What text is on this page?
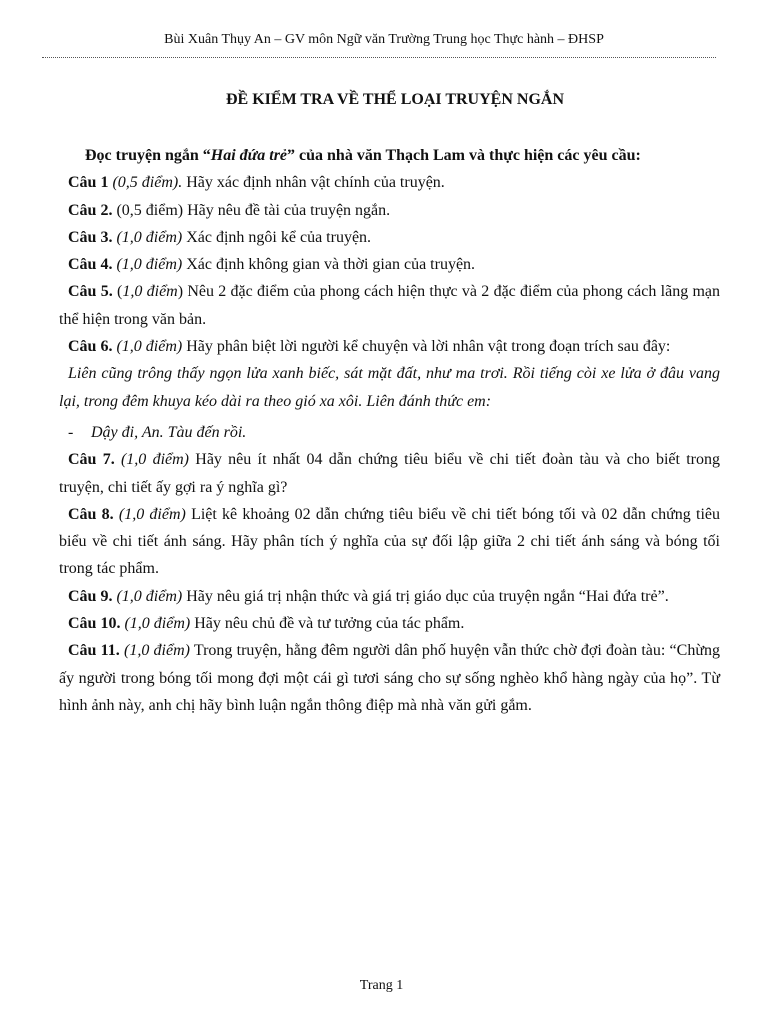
Bùi Xuân Thụy An – GV môn Ngữ văn Trường Trung học Thực hành – ĐHSP
ĐỀ KIỂM TRA VỀ THỂ LOẠI TRUYỆN NGẮN

Đọc truyện ngắn “Hai đứa trẻ” của nhà văn Thạch Lam và thực hiện các yêu cầu:

Câu 1 (0,5 điểm). Hãy xác định nhân vật chính của truyện.

Câu 2. (0,5 điểm) Hãy nêu đề tài của truyện ngắn.

Câu 3. (1,0 điểm) Xác định ngôi kể của truyện.

Câu 4. (1,0 điểm) Xác định không gian và thời gian của truyện.

Câu 5. (1,0 điểm) Nêu 2 đặc điểm của phong cách hiện thực và 2 đặc điểm của phong cách lãng mạn thể hiện trong văn bản.

Câu 6. (1,0 điểm) Hãy phân biệt lời người kể chuyện và lời nhân vật trong đoạn trích sau đây:

Liên cũng trông thấy ngọn lửa xanh biếc, sát mặt đất, như ma trơi. Rồi tiếng còi xe lửa ở đâu vang lại, trong đêm khuya kéo dài ra theo gió xa xôi. Liên đánh thức em:

- Dậy đi, An. Tàu đến rồi.

Câu 7. (1,0 điểm) Hãy nêu ít nhất 04 dẫn chứng tiêu biểu về chi tiết đoàn tàu và cho biết trong truyện, chi tiết ấy gợi ra ý nghĩa gì?

Câu 8. (1,0 điểm) Liệt kê khoảng 02 dẫn chứng tiêu biểu về chi tiết bóng tối và 02 dẫn chứng tiêu biểu về chi tiết ánh sáng. Hãy phân tích ý nghĩa của sự đối lập giữa 2 chi tiết ánh sáng và bóng tối trong tác phẩm.

Câu 9. (1,0 điểm) Hãy nêu giá trị nhận thức và giá trị giáo dục của truyện ngắn “Hai đứa trẻ”.

Câu 10. (1,0 điểm) Hãy nêu chủ đề và tư tưởng của tác phẩm.

Câu 11. (1,0 điểm) Trong truyện, hằng đêm người dân phố huyện vẫn thức chờ đợi đoàn tàu: “Chừng ấy người trong bóng tối mong đợi một cái gì tươi sáng cho sự sống nghèo khổ hàng ngày của họ”. Từ hình ảnh này, anh chị hãy bình luận ngắn thông điệp mà nhà văn gửi gắm.

Trang 1
